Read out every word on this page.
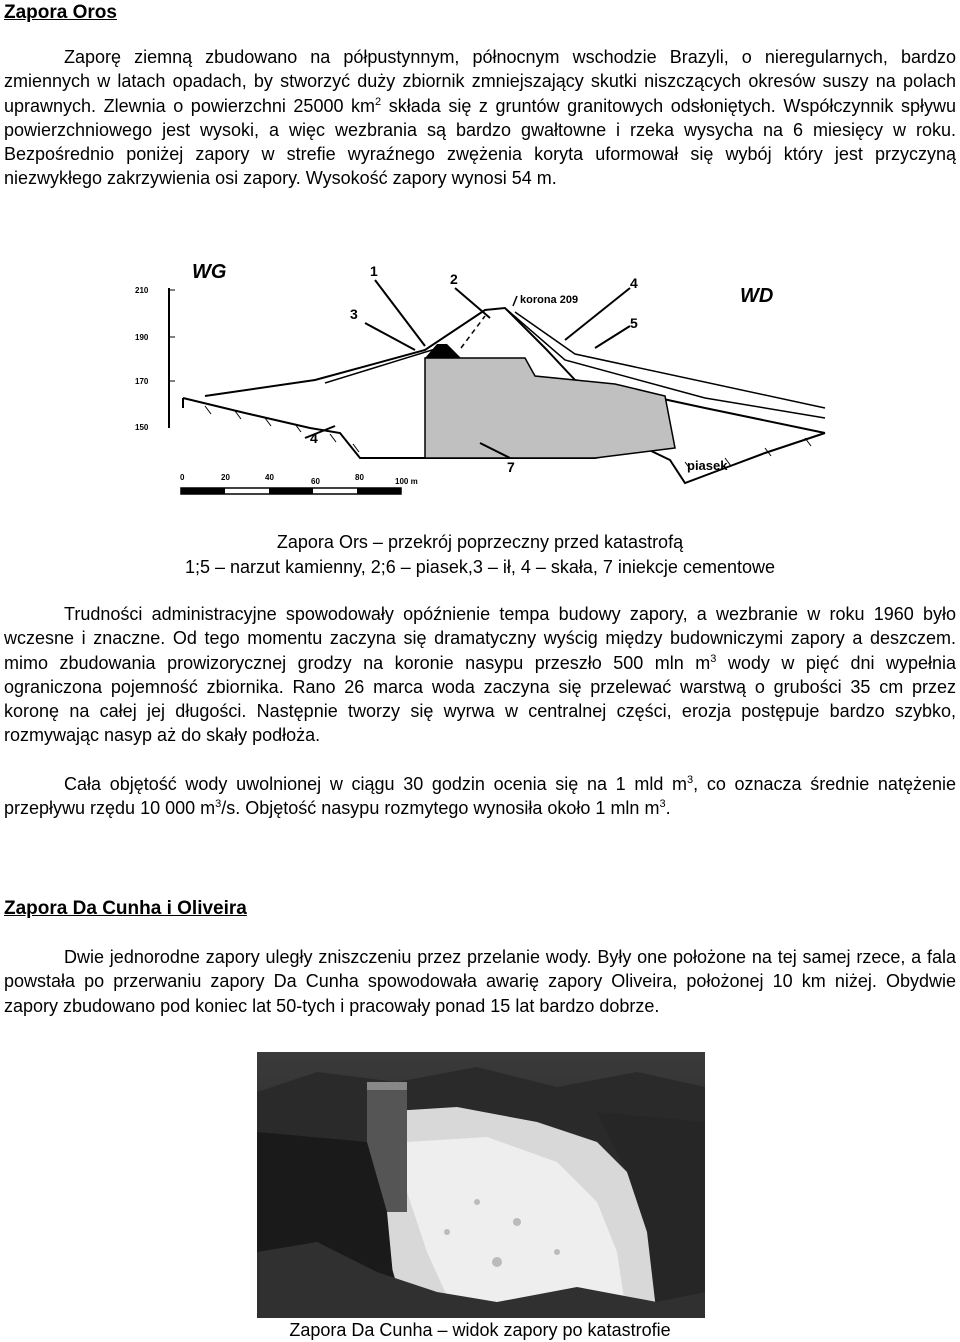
Zapora Oros
Zaporę ziemną zbudowano na półpustynnym, północnym wschodzie Brazyli, o nieregularnych, bardzo zmiennych w latach opadach, by stworzyć duży zbiornik zmniejszający skutki niszczących okresów suszy na polach uprawnych. Zlewnia o powierzchni 25000 $km^2$ składa się z gruntów granitowych odsłoniętych. Współczynnik spływu powierzchniowego jest wysoki, a więc wezbrania są bardzo gwałtowne i rzeka wysycha na 6 miesięcy w roku. Bezpośrednio poniżej zapory w strefie wyraźnego zwężenia koryta uformował się wybój który jest przyczyną niezwykłego zakrzywienia osi zapory. Wysokość zapory wynosi 54 m.
210
190
170
150
WG
WD
1	2
3
4
4
5
7
korona 209
piasek
0	20	40	60	80	100 m
Zapora Ors – przekrój poprzeczny przed katastrofą
1;5 – narzut kamienny, 2;6 – piasek,3 – ił, 4 – skała, 7 iniekcje cementowe
Trudności administracyjne spowodowały opóźnienie tempa budowy zapory, a wezbranie w roku 1960 było wczesne i znaczne. Od tego momentu zaczyna się dramatyczny wyścig między budowniczymi zapory a deszczem. mimo zbudowania prowizorycznej grodzy na koronie nasypu przeszło 500 mln $m^3$ wody w pięć dni wypełnia ograniczona pojemność zbiornika. Rano 26 marca woda zaczyna się przelewać warstwą o grubości 35 cm przez koronę na całej jej długości. Następnie tworzy się wyrwa w centralnej części, erozja postępuje bardzo szybko, rozmywając nasyp aż do skały podłoża.
Cała objętość wody uwolnionej w ciągu 30 godzin ocenia się na 1 mld $m^3$, co oznacza średnie natężenie przepływu rzędu 10 000 $m^3/s$. Objętość nasypu rozmytego wynosiła około 1 mln $m^3$.
Zapora Da Cunha i Oliveira
Dwie jednorodne zapory uległy zniszczeniu przez przelanie wody. Były one położone na tej samej rzece, a fala powstała po przerwaniu zapory Da Cunha spowodowała awarię zapory Oliveira, położonej 10 km niżej. Obydwie zapory zbudowano pod koniec lat 50-tych i pracowały ponad 15 lat bardzo dobrze.
Zapora Da Cunha – widok zapory po katastrofie
